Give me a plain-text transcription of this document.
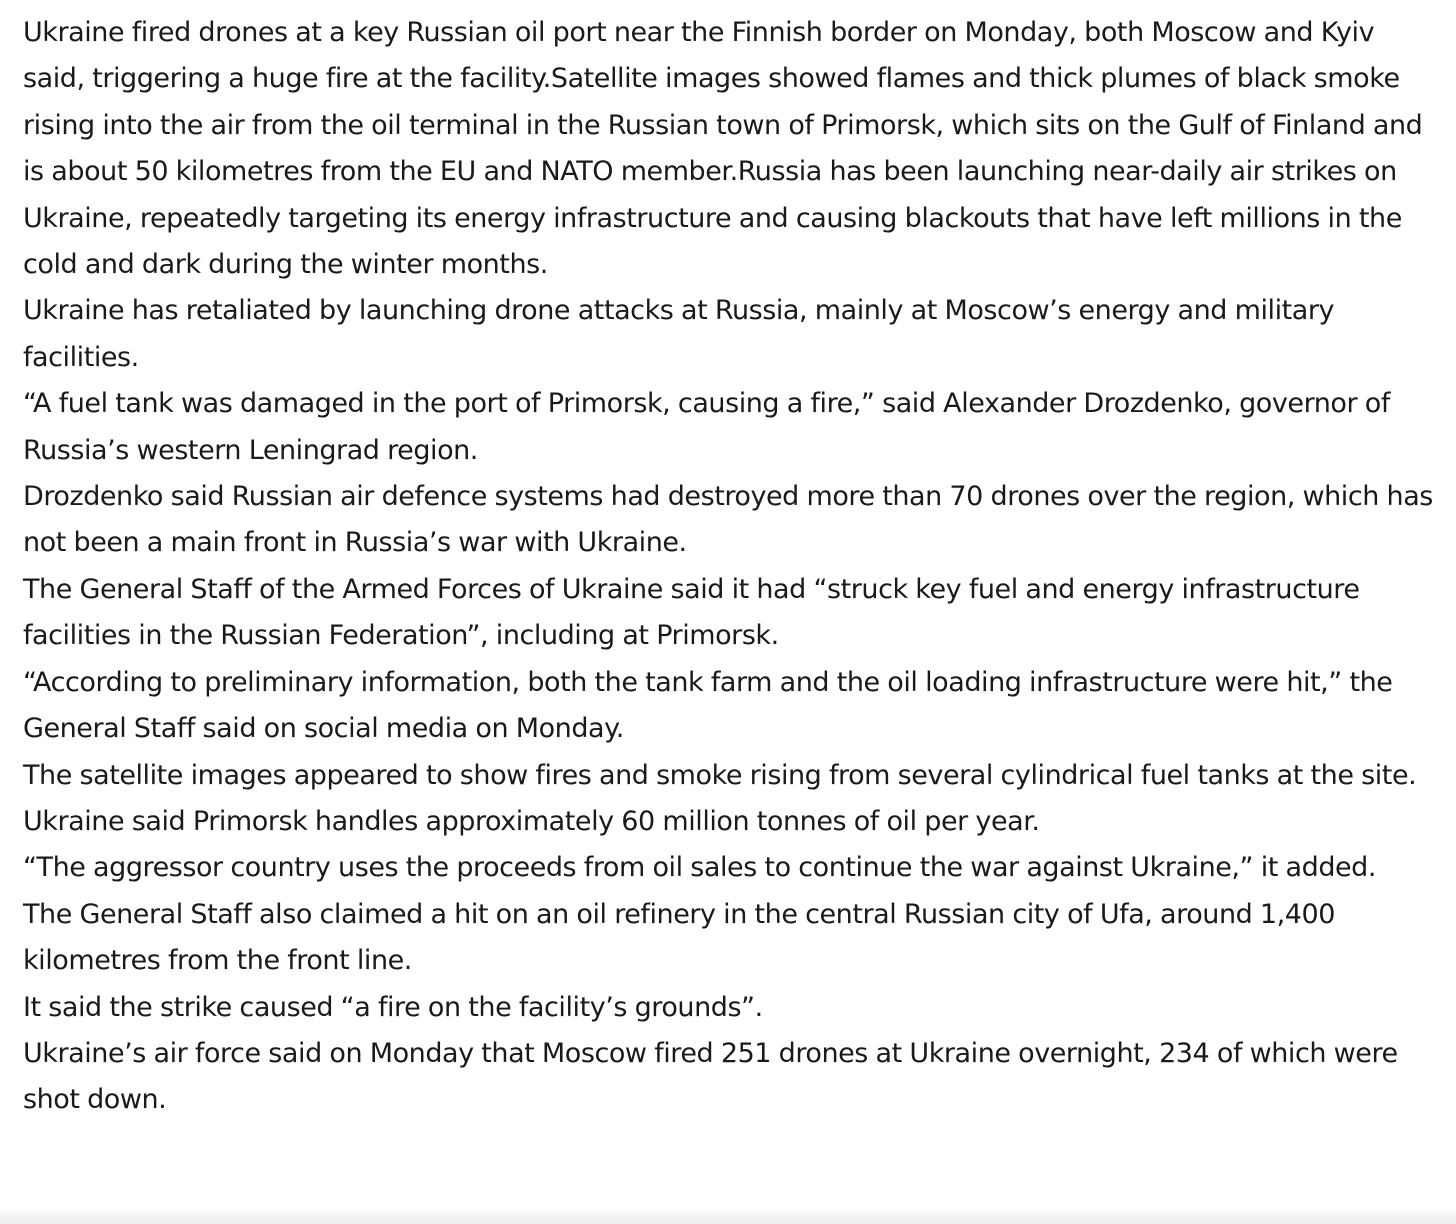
Ukraine fired drones at a key Russian oil port near the Finnish border on Monday, both Moscow and Kyiv said, triggering a huge fire at the facility.Satellite images showed flames and thick plumes of black smoke rising into the air from the oil terminal in the Russian town of Primorsk, which sits on the Gulf of Finland and is about 50 kilometres from the EU and NATO member.Russia has been launching near-daily air strikes on Ukraine, repeatedly targeting its energy infrastructure and causing blackouts that have left millions in the cold and dark during the winter months.

Ukraine has retaliated by launching drone attacks at Russia, mainly at Moscow’s energy and military facilities.

“A fuel tank was damaged in the port of Primorsk, causing a fire,” said Alexander Drozdenko, governor of Russia’s western Leningrad region.

Drozdenko said Russian air defence systems had destroyed more than 70 drones over the region, which has not been a main front in Russia’s war with Ukraine.

The General Staff of the Armed Forces of Ukraine said it had “struck key fuel and energy infrastructure facilities in the Russian Federation”, including at Primorsk.

“According to preliminary information, both the tank farm and the oil loading infrastructure were hit,” the General Staff said on social media on Monday.

The satellite images appeared to show fires and smoke rising from several cylindrical fuel tanks at the site.

Ukraine said Primorsk handles approximately 60 million tonnes of oil per year.

“The aggressor country uses the proceeds from oil sales to continue the war against Ukraine,” it added.

The General Staff also claimed a hit on an oil refinery in the central Russian city of Ufa, around 1,400 kilometres from the front line.

It said the strike caused “a fire on the facility’s grounds”.

Ukraine’s air force said on Monday that Moscow fired 251 drones at Ukraine overnight, 234 of which were shot down.
